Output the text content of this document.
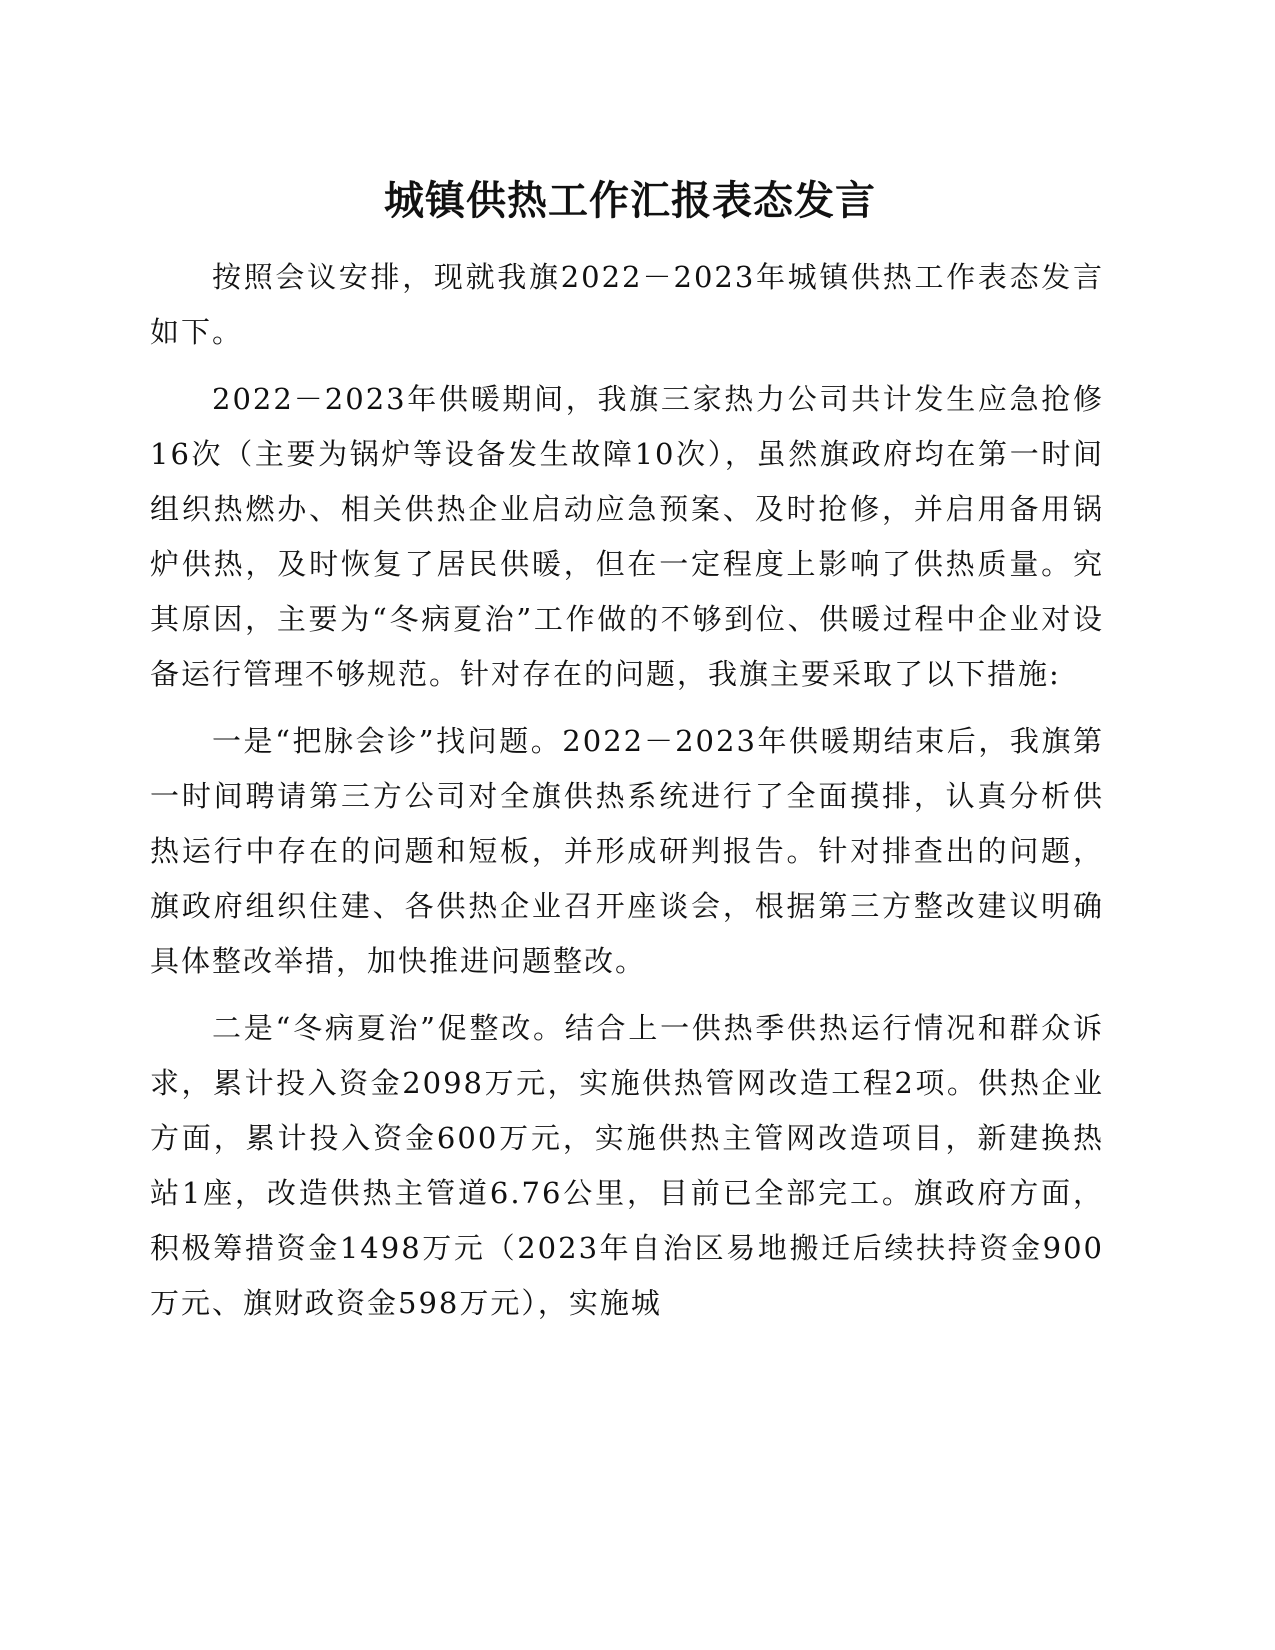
城镇供热工作汇报表态发言

按照会议安排，现就我旗2022－2023年城镇供热工作表态发言如下。

2022－2023年供暖期间，我旗三家热力公司共计发生应急抢修16次（主要为锅炉等设备发生故障10次），虽然旗政府均在第一时间组织热燃办、相关供热企业启动应急预案、及时抢修，并启用备用锅炉供热，及时恢复了居民供暖，但在一定程度上影响了供热质量。究其原因，主要为“冬病夏治”工作做的不够到位、供暖过程中企业对设备运行管理不够规范。针对存在的问题，我旗主要采取了以下措施:

一是“把脉会诊”找问题。2022－2023年供暖期结束后，我旗第一时间聘请第三方公司对全旗供热系统进行了全面摸排，认真分析供热运行中存在的问题和短板，并形成研判报告。针对排查出的问题，旗政府组织住建、各供热企业召开座谈会，根据第三方整改建议明确具体整改举措，加快推进问题整改。

二是“冬病夏治”促整改。结合上一供热季供热运行情况和群众诉求，累计投入资金2098万元，实施供热管网改造工程2项。供热企业方面，累计投入资金600万元，实施供热主管网改造项目，新建换热站1座，改造供热主管道6.76公里，目前已全部完工。旗政府方面，积极筹措资金1498万元（2023年自治区易地搬迁后续扶持资金900万元、旗财政资金598万元），实施城
